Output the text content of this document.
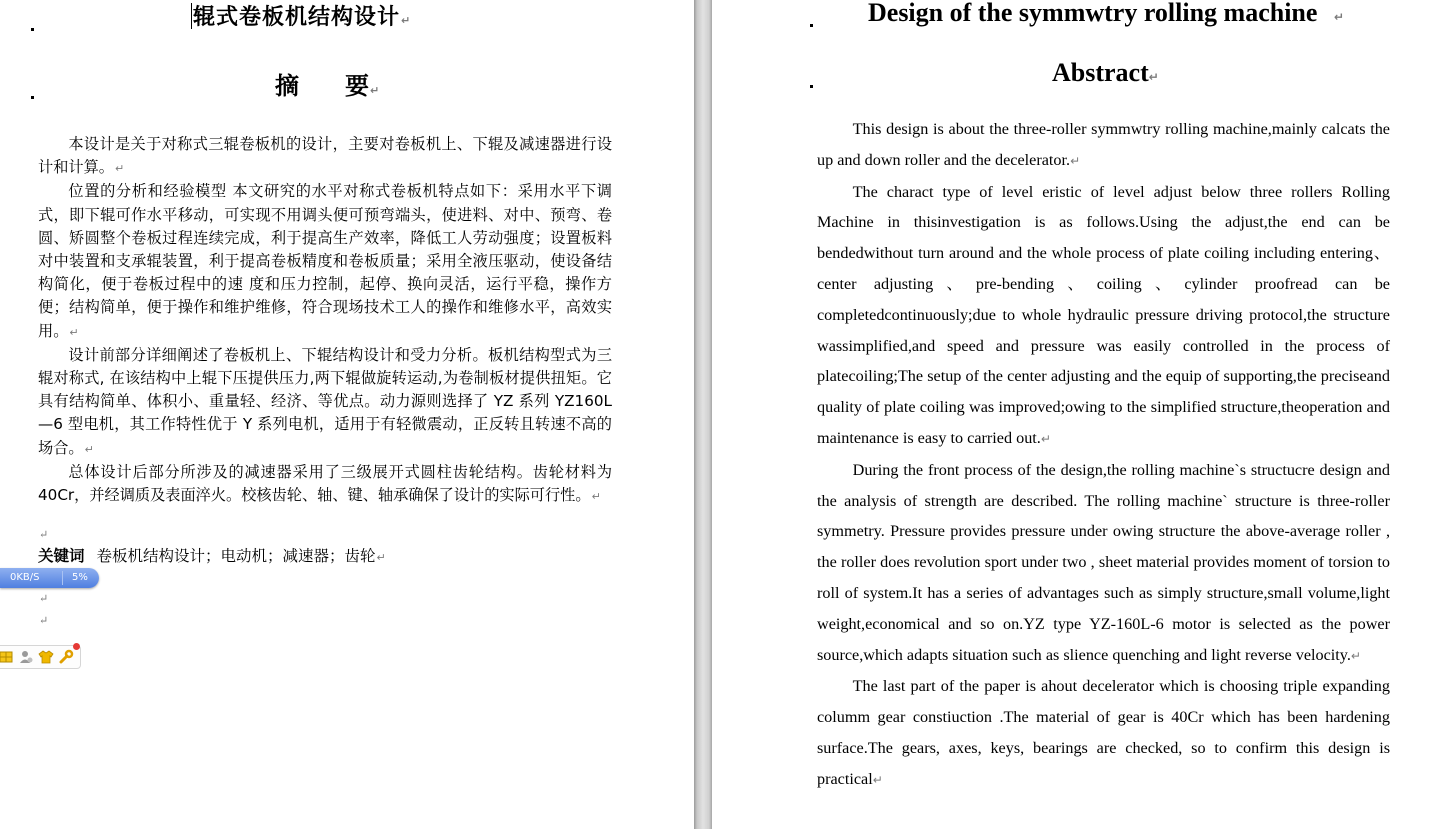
辊式卷板机结构设计↵
摘 要↵

本设计是关于对称式三辊卷板机的设计，主要对卷板机上、下辊及减速器进行设计和计算。↵

位置的分析和经验模型 本文研究的水平对称式卷板机特点如下：采用水平下调式，即下辊可作水平移动，可实现不用调头便可预弯端头，使进料、对中、预弯、卷圆、矫圆整个卷板过程连续完成，利于提高生产效率，降低工人劳动强度；设置板料对中装置和支承辊装置，利于提高卷板精度和卷板质量；采用全液压驱动，使设备结构简化，便于卷板过程中的速 度和压力控制，起停、换向灵活，运行平稳，操作方便；结构简单，便于操作和维护维修，符合现场技术工人的操作和维修水平，高效实用。↵

设计前部分详细阐述了卷板机上、下辊结构设计和受力分析。板机结构型式为三辊对称式, 在该结构中上辊下压提供压力,两下辊做旋转运动,为卷制板材提供扭矩。它具有结构简单、体积小、重量轻、经济、等优点。动力源则选择了 YZ 系列 YZ160L—6 型电机，其工作特性优于 Y 系列电机，适用于有轻微震动，正反转且转速不高的场合。↵

总体设计后部分所涉及的减速器采用了三级展开式圆柱齿轮结构。齿轮材料为 40Cr，并经调质及表面淬火。校核齿轮、轴、键、轴承确保了设计的实际可行性。↵

↵
关键词 卷板机结构设计；电动机；减速器；齿轮↵
↵
↵
0KB/S	5%
Design of the symmwtry rolling machine ↵
Abstract↵

This design is about the three-roller symmwtry rolling machine,mainly calcats the up and down roller and the decelerator.↵

The charact type of level eristic of level adjust below three rollers Rolling Machine in thisinvestigation is as follows.Using the adjust,the end can be bendedwithout turn around and the whole process of plate coiling including entering、center adjusting、pre-bending、coiling、cylinder proofread can be completedcontinuously;due to whole hydraulic pressure driving protocol,the structure wassimplified,and speed and pressure was easily controlled in the process of platecoiling;The setup of the center adjusting and the equip of supporting,the preciseand quality of plate coiling was improved;owing to the simplified structure,theoperation and maintenance is easy to carried out.↵

During the front process of the design,the rolling machine`s structucre design and the analysis of strength are described. The rolling machine` structure is three-roller symmetry. Pressure provides pressure under owing structure the above-average roller , the roller does revolution sport under two , sheet material provides moment of torsion to roll of system.It has a series of advantages such as simply structure,small volume,light weight,economical and so on.YZ type YZ-160L-6 motor is selected as the power source,which adapts situation such as slience quenching and light reverse velocity.↵

The last part of the paper is ahout decelerator which is choosing triple expanding columm gear constiuction .The material of gear is 40Cr which has been hardening surface.The gears, axes, keys, bearings are checked, so to confirm this design is practical↵
